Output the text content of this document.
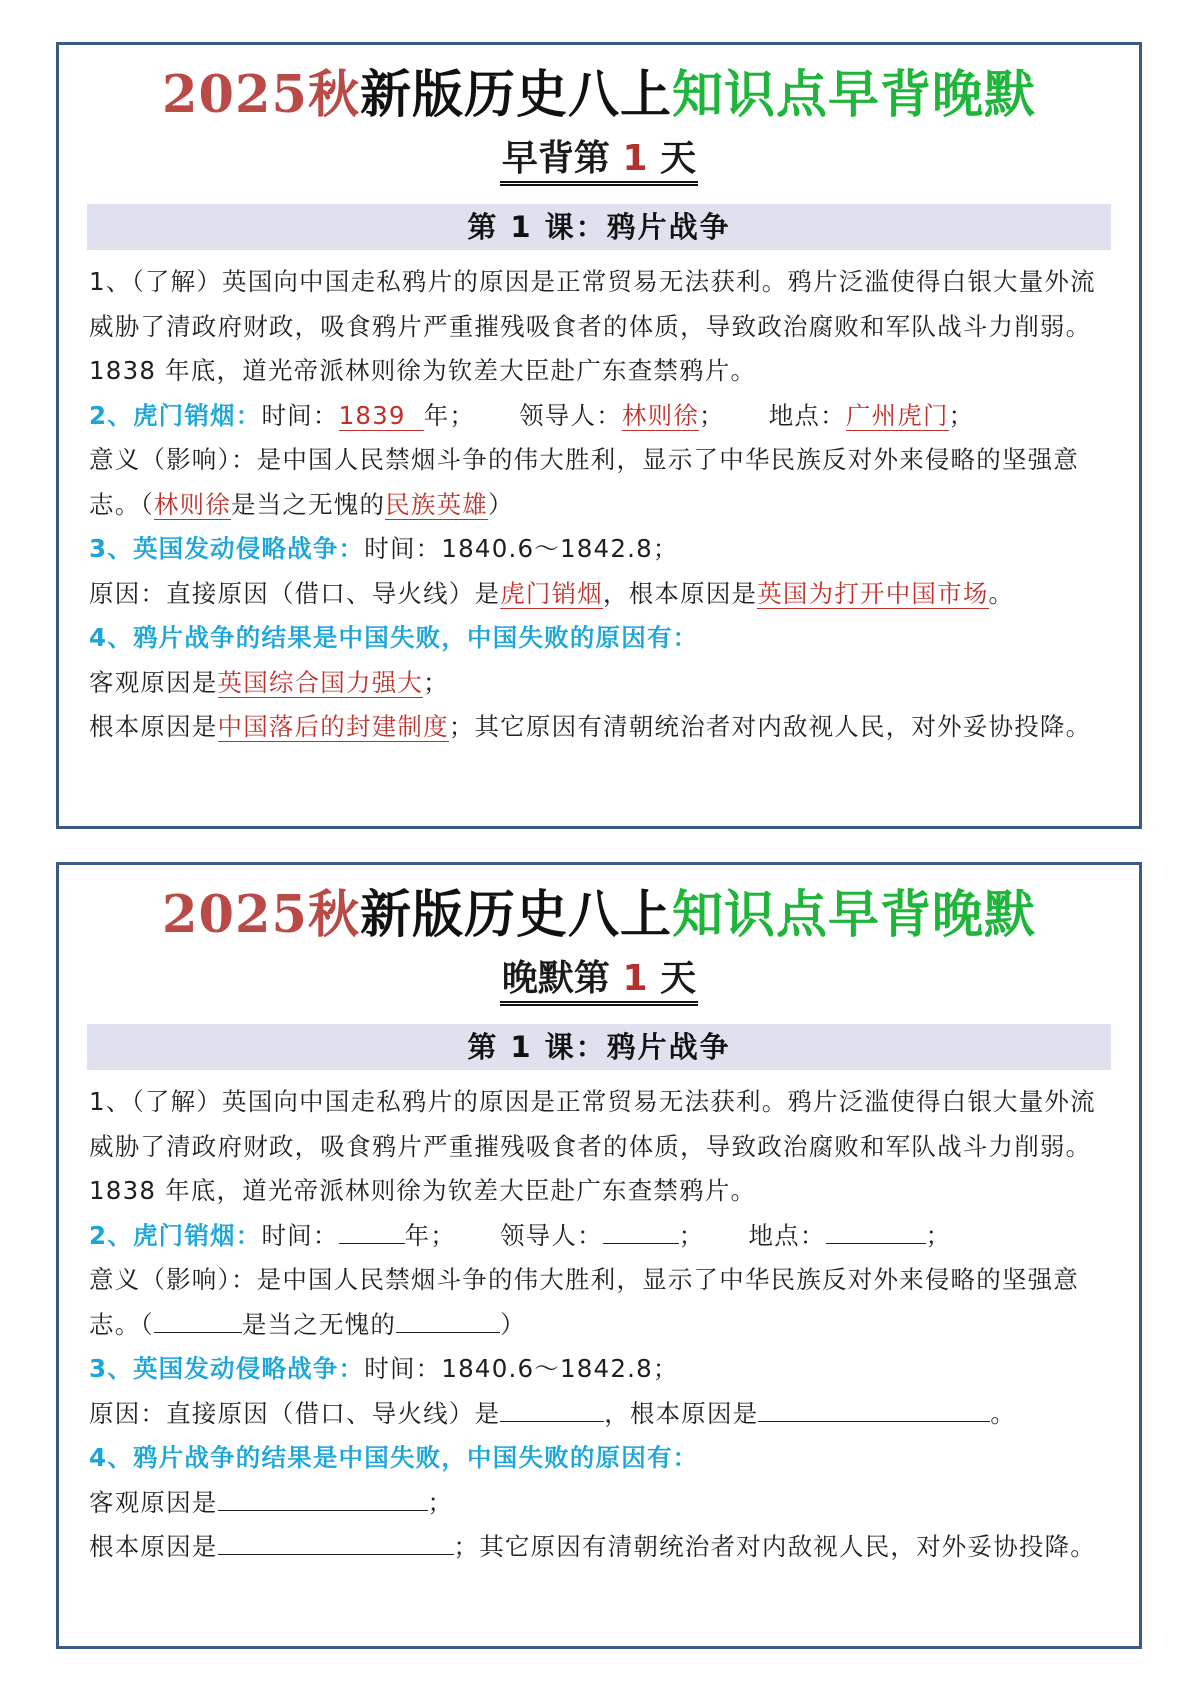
2025秋新版历史八上知识点早背晚默
早背第 1 天
第 1 课：鸦片战争
1、（了解）英国向中国走私鸦片的原因是正常贸易无法获利。鸦片泛滥使得白银大量外流威胁了清政府财政，吸食鸦片严重摧残吸食者的体质，导致政治腐败和军队战斗力削弱。1838 年底，道光帝派林则徐为钦差大臣赴广东查禁鸦片。
2、虎门销烟：时间：1839 年； 领导人：林则徐； 地点：广州虎门；
意义（影响）：是中国人民禁烟斗争的伟大胜利，显示了中华民族反对外来侵略的坚强意志。（林则徐是当之无愧的民族英雄）
3、英国发动侵略战争：时间：1840.6～1842.8；
原因：直接原因（借口、导火线）是虎门销烟，根本原因是英国为打开中国市场。
4、鸦片战争的结果是中国失败，中国失败的原因有：
客观原因是英国综合国力强大；
根本原因是中国落后的封建制度；其它原因有清朝统治者对内敌视人民，对外妥协投降。
2025秋新版历史八上知识点早背晚默
晚默第 1 天
第 1 课：鸦片战争
1、（了解）英国向中国走私鸦片的原因是正常贸易无法获利。鸦片泛滥使得白银大量外流威胁了清政府财政，吸食鸦片严重摧残吸食者的体质，导致政治腐败和军队战斗力削弱。1838 年底，道光帝派林则徐为钦差大臣赴广东查禁鸦片。
2、虎门销烟：时间：	年； 领导人：	； 地点：	；
意义（影响）：是中国人民禁烟斗争的伟大胜利，显示了中华民族反对外来侵略的坚强意志。（	是当之无愧的	）
3、英国发动侵略战争：时间：1840.6～1842.8；
原因：直接原因（借口、导火线）是	，根本原因是	。
4、鸦片战争的结果是中国失败，中国失败的原因有：
客观原因是	；
根本原因是	；其它原因有清朝统治者对内敌视人民，对外妥协投降。
